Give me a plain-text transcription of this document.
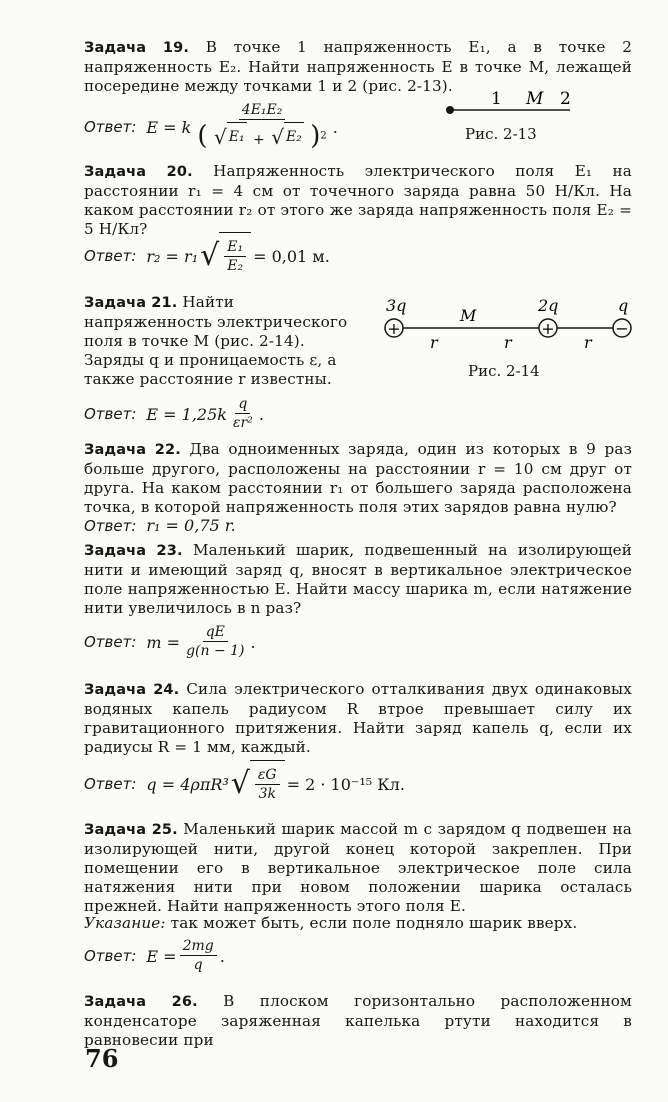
Задача 19. В точке 1 напряженность E₁, а в точке 2 напряженность E₂. Найти напряженность E в точке M, лежащей посередине между точками 1 и 2 (рис. 2-13).

Ответ: E = k $\frac{\text{4E₁E₂}}{( √ E_1 + √ E_2 )^2}$ .
1 M 2
Рис. 2-13

Задача 20. Напряженность электрического поля E₁ на расстоянии r₁ = 4 см от точечного заряда равна 50 Н/Кл. На каком расстоянии r₂ от этого же заряда напряженность поля E₂ = 5 Н/Кл?

Ответ: r₂ = r₁ √ $\frac{\text{E₁}}{\text{E₂}} = 0,01$ м.

Задача 21. Найти напряженность электрического поля в точке M (рис. 2-14). Заряды q и проницаемость ε, а также расстояние r известны.

+	+	−
3q
M
2q	q
r	r	r
Рис. 2-14
Ответ: $E = 1,25k \frac{q}{\text{εr²}}$ .

Задача 22. Два одноименных заряда, один из которых в 9 раз больше другого, расположены на расстоянии r = 10 см друг от друга. На каком расстоянии r₁ от большего заряда расположена точка, в которой напряженность поля этих зарядов равна нулю?

Ответ: r₁ = 0,75 r.

Задача 23. Маленький шарик, подвешенный на изолирующей нити и имеющий заряд q, вносят в вертикальное электрическое поле напряженностью E. Найти массу шарика m, если натяжение нити увеличилось в n раз?

Ответ: $m = \frac{qE}{g(n - 1)}$ .

Задача 24. Сила электрического отталкивания двух одинаковых водяных капель радиусом R втрое превышает силу их гравитационного притяжения. Найти заряд капель q, если их радиусы R = 1 мм, каждый.

Ответ: q = 4ρπR³ √ $\frac{\varepsilon G}{3k} = 2 \cdot 10^{-15}$ Кл.

Задача 25. Маленький шарик массой m с зарядом q подвешен на изолирующей нити, другой конец которой закреплен. При помещении его в вертикальное электрическое поле сила натяжения нити при новом положении шарика осталась прежней. Найти напряженность этого поля E.

Указание: так может быть, если поле подняло шарик вверх.

Ответ: $E = \frac{2mg}{q}$ .

Задача 26. В плоском горизонтально расположенном конденсаторе заряженная капелька ртути находится в равновесии при

76
